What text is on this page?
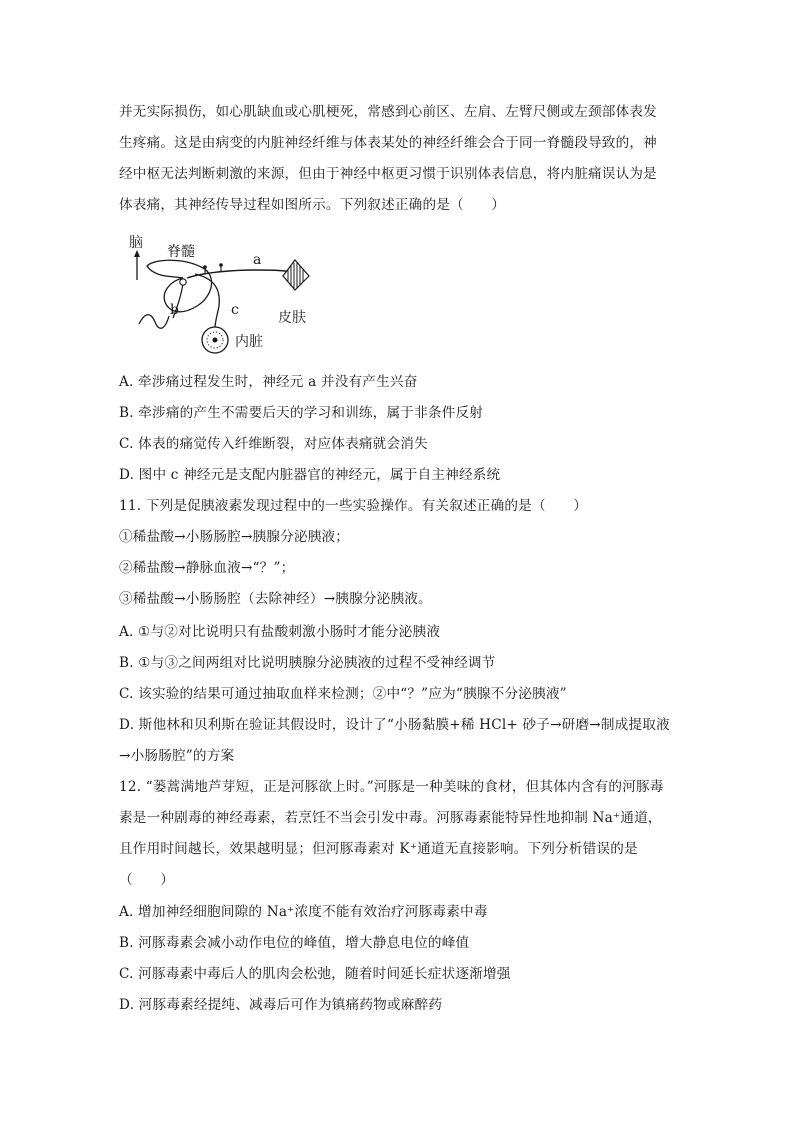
并无实际损伤，如心肌缺血或心肌梗死，常感到心前区、左肩、左臂尺侧或左颈部体表发
生疼痛。这是由病变的内脏神经纤维与体表某处的神经纤维会合于同一脊髓段导致的，神
经中枢无法判断刺激的来源，但由于神经中枢更习惯于识别体表信息，将内脏痛误认为是
体表痛，其神经传导过程如图所示。下列叙述正确的是（　　）
脑
脊髓
b
a
皮肤
c
内脏
A. 牵涉痛过程发生时，神经元 a 并没有产生兴奋
B. 牵涉痛的产生不需要后天的学习和训练，属于非条件反射
C. 体表的痛觉传入纤维断裂，对应体表痛就会消失
D. 图中 c 神经元是支配内脏器官的神经元，属于自主神经系统
11. 下列是促胰液素发现过程中的一些实验操作。有关叙述正确的是（　　）
①稀盐酸→小肠肠腔→胰腺分泌胰液；
②稀盐酸→静脉血液→“？”；
③稀盐酸→小肠肠腔（去除神经）→胰腺分泌胰液。
A. ①与②对比说明只有盐酸刺激小肠时才能分泌胰液
B. ①与③之间两组对比说明胰腺分泌胰液的过程不受神经调节
C. 该实验的结果可通过抽取血样来检测；②中“？”应为“胰腺不分泌胰液”
D. 斯他林和贝利斯在验证其假设时，设计了“小肠黏膜+稀 HCl+ 砂子→研磨→制成提取液
→小肠肠腔”的方案
12. “蒌蒿满地芦芽短，正是河豚欲上时。”河豚是一种美味的食材，但其体内含有的河豚毒
素是一种剧毒的神经毒素，若烹饪不当会引发中毒。河豚毒素能特异性地抑制 Na⁺通道，
且作用时间越长，效果越明显；但河豚毒素对 K⁺通道无直接影响。下列分析错误的是
（　　）
A. 增加神经细胞间隙的 Na⁺浓度不能有效治疗河豚毒素中毒
B. 河豚毒素会减小动作电位的峰值，增大静息电位的峰值
C. 河豚毒素中毒后人的肌肉会松弛，随着时间延长症状逐渐增强
D. 河豚毒素经提纯、减毒后可作为镇痛药物或麻醉药
